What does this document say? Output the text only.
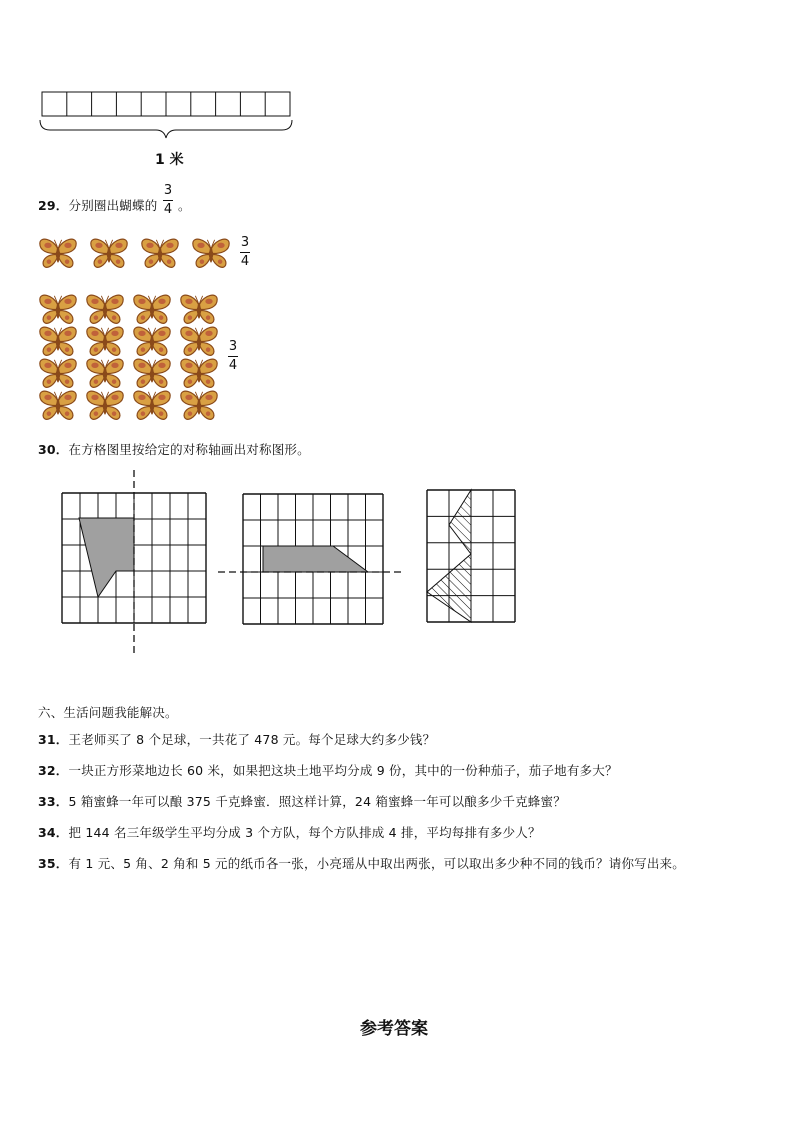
1 米
29．分别圈出蝴蝶的
3
4 。
3
4
3
4
30．在方格图里按给定的对称轴画出对称图形。
六、生活问题我能解决。
31．王老师买了 8 个足球，一共花了 478 元。每个足球大约多少钱？
32．一块正方形菜地边长 60 米，如果把这块土地平均分成 9 份，其中的一份种茄子，茄子地有多大？
33．5 箱蜜蜂一年可以酿 375 千克蜂蜜．照这样计算，24 箱蜜蜂一年可以酿多少千克蜂蜜？
34．把 144 名三年级学生平均分成 3 个方队，每个方队排成 4 排，平均每排有多少人？
35．有 1 元、5 角、2 角和 5 元的纸币各一张，小亮瑶从中取出两张，可以取出多少种不同的钱币？请你写出来。
参考答案
